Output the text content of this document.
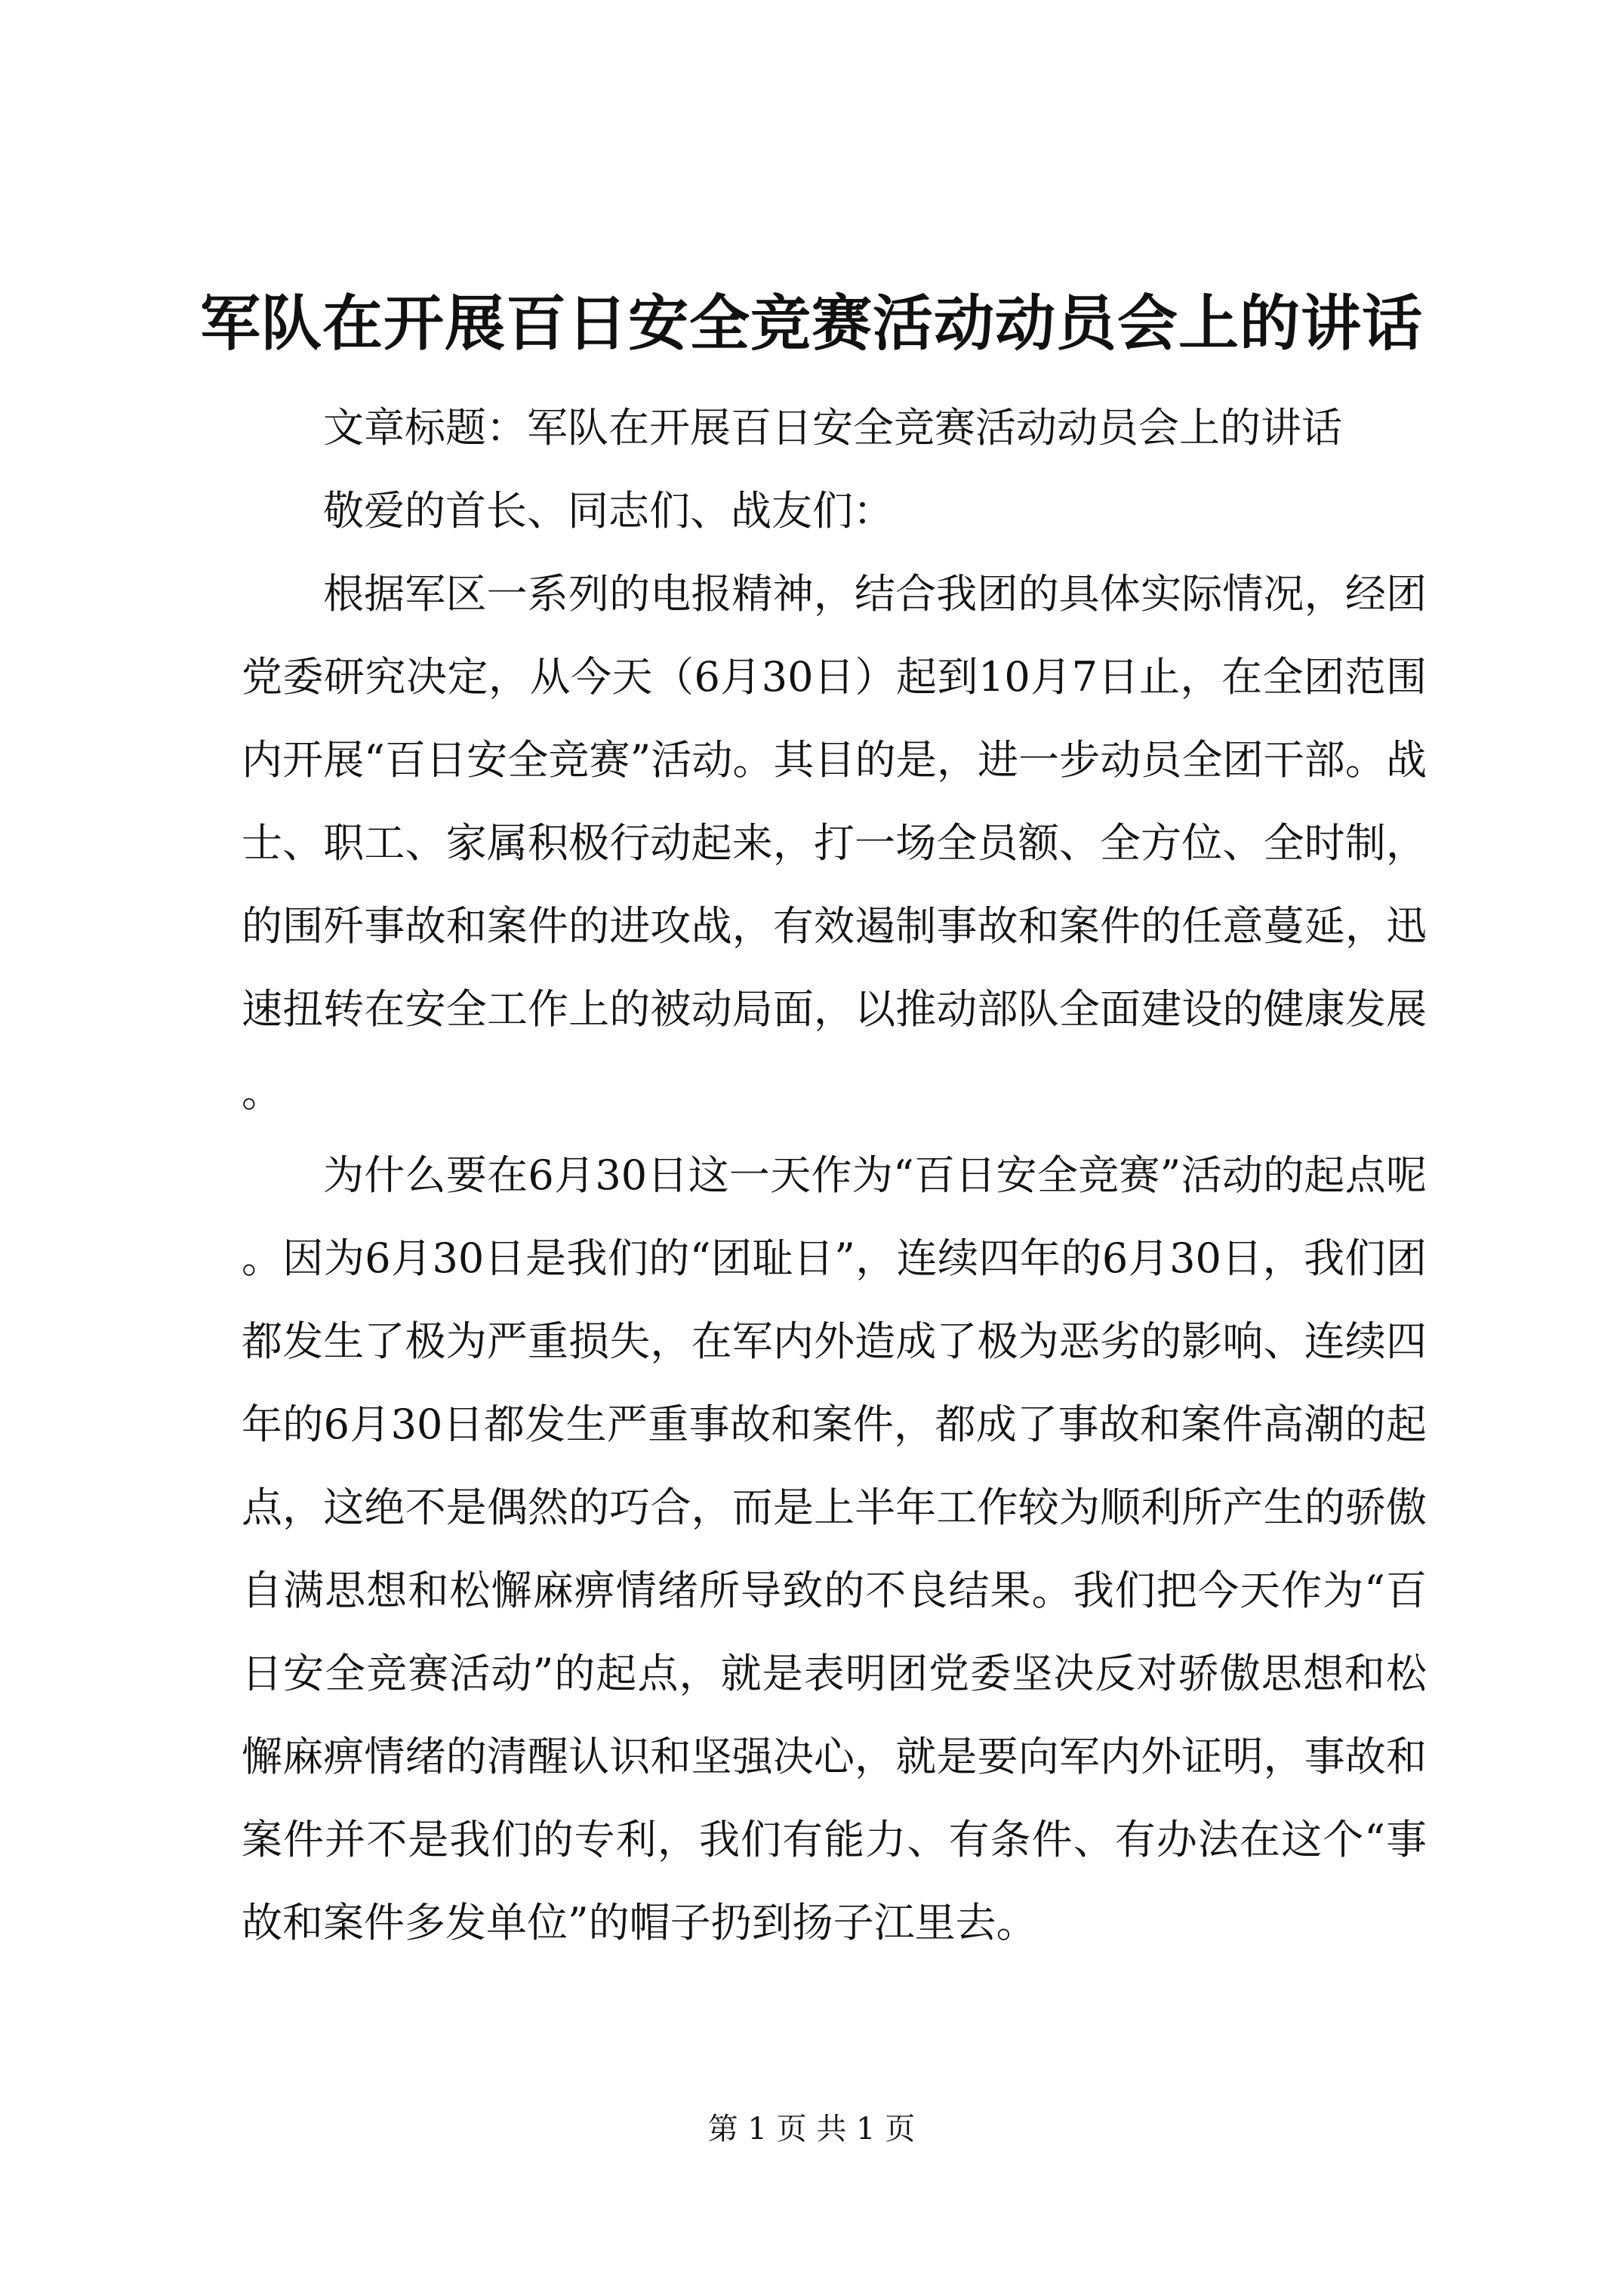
军队在开展百日安全竞赛活动动员会上的讲话

文章标题：军队在开展百日安全竞赛活动动员会上的讲话

敬爱的首长、同志们、战友们：

根据军区一系列的电报精神，结合我团的具体实际情况，经团党委研究决定，从今天（6月30日）起到10月7日止，在全团范围内开展“百日安全竞赛”活动。其目的是，进一步动员全团干部。战士、职工、家属积极行动起来，打一场全员额、全方位、全时制，的围歼事故和案件的进攻战，有效遏制事故和案件的任意蔓延，迅速扭转在安全工作上的被动局面，以推动部队全面建设的健康发展。

为什么要在6月30日这一天作为“百日安全竞赛”活动的起点呢。因为6月30日是我们的“团耻日”，连续四年的6月30日，我们团都发生了极为严重损失，在军内外造成了极为恶劣的影响、连续四年的6月30日都发生严重事故和案件，都成了事故和案件高潮的起点，这绝不是偶然的巧合，而是上半年工作较为顺利所产生的骄傲自满思想和松懈麻痹情绪所导致的不良结果。我们把今天作为“百日安全竞赛活动”的起点，就是表明团党委坚决反对骄傲思想和松懈麻痹情绪的清醒认识和坚强决心，就是要向军内外证明，事故和案件并不是我们的专利，我们有能力、有条件、有办法在这个“事故和案件多发单位”的帽子扔到扬子江里去。

第 1 页 共 1 页
